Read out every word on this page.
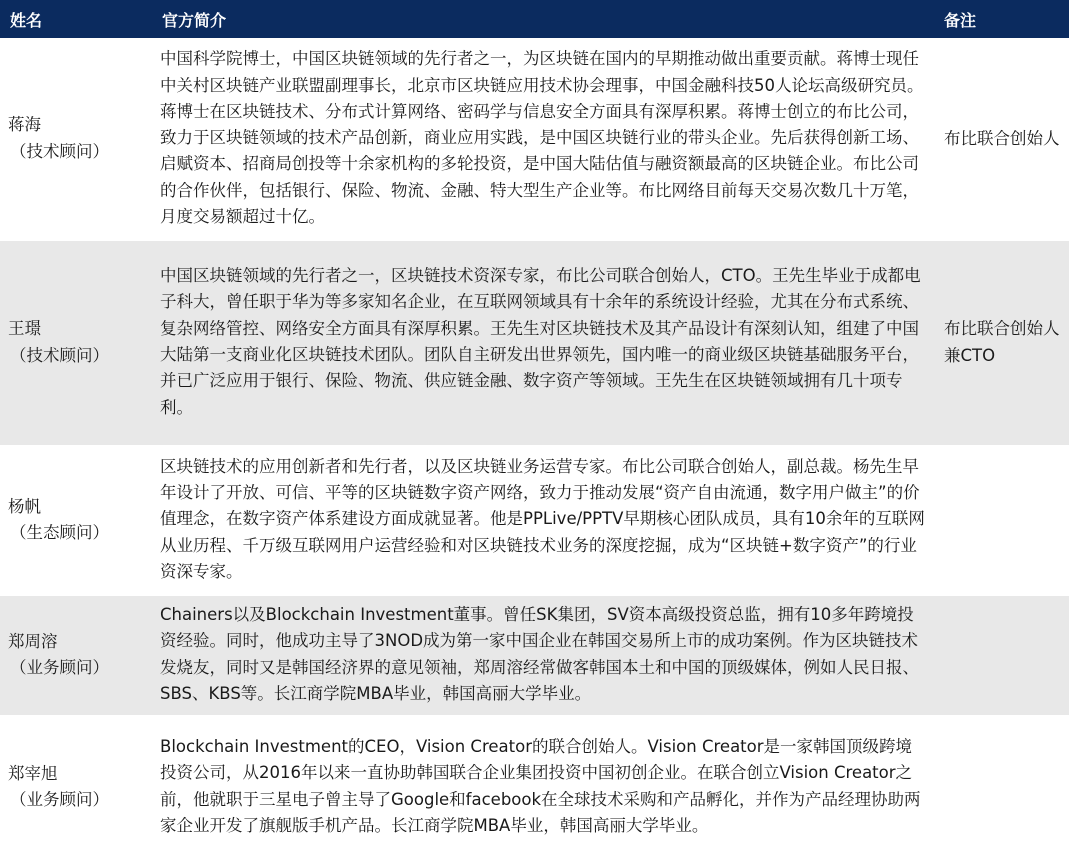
姓名	官方简介	备注

蒋海
（技术顾问）	中国科学院博士，中国区块链领域的先行者之一，为区块链在国内的早期推动做出重要贡献。蒋博士现任中关村区块链产业联盟副理事长，北京市区块链应用技术协会理事，中国金融科技50人论坛高级研究员。蒋博士在区块链技术、分布式计算网络、密码学与信息安全方面具有深厚积累。蒋博士创立的布比公司，致力于区块链领域的技术产品创新，商业应用实践，是中国区块链行业的带头企业。先后获得创新工场、启赋资本、招商局创投等十余家机构的多轮投资，是中国大陆估值与融资额最高的区块链企业。布比公司的合作伙伴，包括银行、保险、物流、金融、特大型生产企业等。布比网络目前每天交易次数几十万笔，月度交易额超过十亿。	布比联合创始人

王璟
（技术顾问）	中国区块链领域的先行者之一，区块链技术资深专家，布比公司联合创始人，CTO。王先生毕业于成都电子科大，曾任职于华为等多家知名企业，在互联网领域具有十余年的系统设计经验，尤其在分布式系统、复杂网络管控、网络安全方面具有深厚积累。王先生对区块链技术及其产品设计有深刻认知，组建了中国大陆第一支商业化区块链技术团队。团队自主研发出世界领先，国内唯一的商业级区块链基础服务平台，并已广泛应用于银行、保险、物流、供应链金融、数字资产等领域。王先生在区块链领域拥有几十项专利。	布比联合创始人兼CTO

杨帆
（生态顾问）	区块链技术的应用创新者和先行者，以及区块链业务运营专家。布比公司联合创始人，副总裁。杨先生早年设计了开放、可信、平等的区块链数字资产网络，致力于推动发展“资产自由流通，数字用户做主”的价值理念，在数字资产体系建设方面成就显著。他是PPLive/PPTV早期核心团队成员，具有10余年的互联网从业历程、千万级互联网用户运营经验和对区块链技术业务的深度挖掘，成为“区块链+数字资产”的行业资深专家。	

郑周溶
（业务顾问）	Chainers以及Blockchain Investment董事。曾任SK集团，SV资本高级投资总监，拥有10多年跨境投资经验。同时，他成功主导了3NOD成为第一家中国企业在韩国交易所上市的成功案例。作为区块链技术发烧友，同时又是韩国经济界的意见领袖，郑周溶经常做客韩国本土和中国的顶级媒体，例如人民日报、SBS、KBS等。长江商学院MBA毕业，韩国高丽大学毕业。	

郑宰旭
（业务顾问）	Blockchain Investment的CEO，Vision Creator的联合创始人。Vision Creator是一家韩国顶级跨境投资公司，从2016年以来一直协助韩国联合企业集团投资中国初创企业。在联合创立Vision Creator之前，他就职于三星电子曾主导了Google和facebook在全球技术采购和产品孵化，并作为产品经理协助两家企业开发了旗舰版手机产品。长江商学院MBA毕业，韩国高丽大学毕业。	
